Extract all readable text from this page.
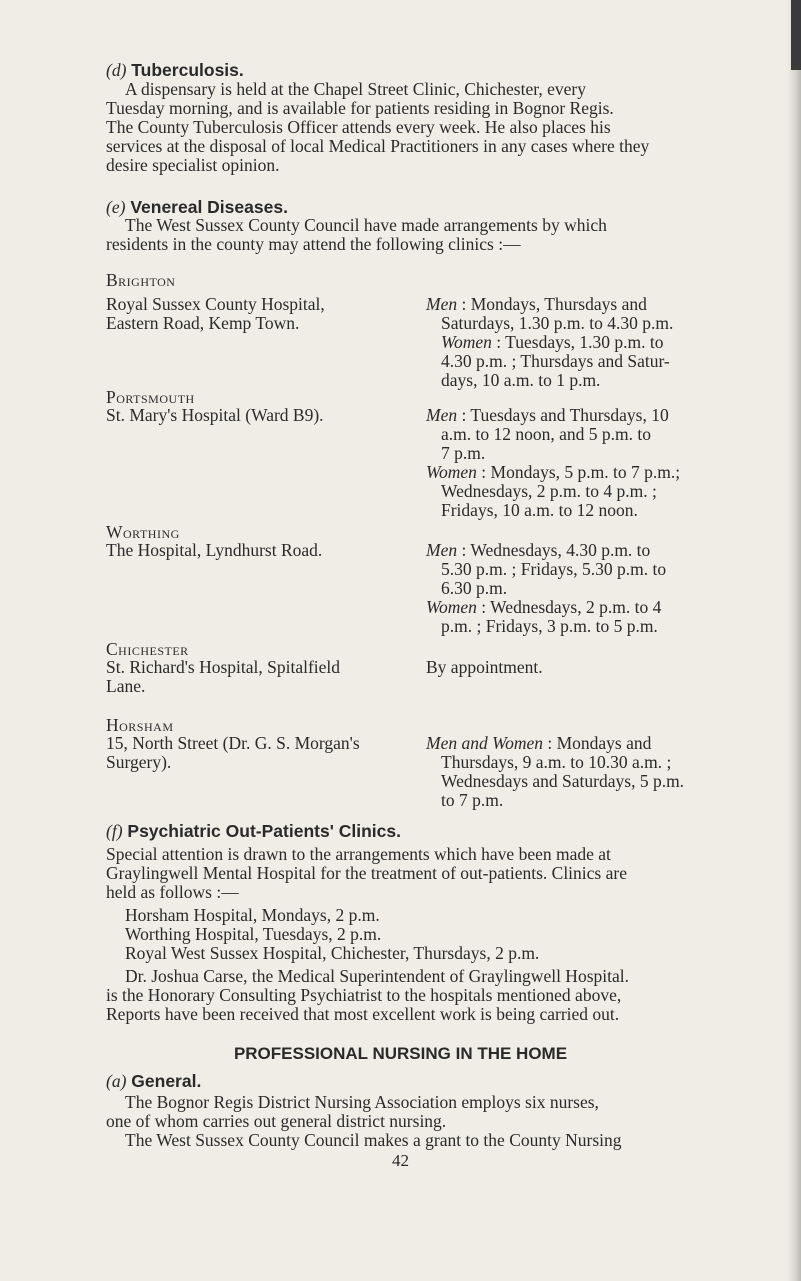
(d) Tuberculosis.
A dispensary is held at the Chapel Street Clinic, Chichester, every
Tuesday morning, and is available for patients residing in Bognor Regis.
The County Tuberculosis Officer attends every week. He also places his
services at the disposal of local Medical Practitioners in any cases where they
desire specialist opinion.
(e) Venereal Diseases.
The West Sussex County Council have made arrangements by which
residents in the county may attend the following clinics :—
Brighton
Royal Sussex County Hospital,
Eastern Road, Kemp Town.
Men : Mondays, Thursdays and
Saturdays, 1.30 p.m. to 4.30 p.m.
Women : Tuesdays, 1.30 p.m. to
4.30 p.m. ; Thursdays and Satur-
days, 10 a.m. to 1 p.m.
Portsmouth
St. Mary's Hospital (Ward B9).	Men : Tuesdays and Thursdays, 10
a.m. to 12 noon, and 5 p.m. to
7 p.m.
Women : Mondays, 5 p.m. to 7 p.m.;
Wednesdays, 2 p.m. to 4 p.m. ;
Fridays, 10 a.m. to 12 noon.
Worthing
The Hospital, Lyndhurst Road.	Men : Wednesdays, 4.30 p.m. to
5.30 p.m. ; Fridays, 5.30 p.m. to
6.30 p.m.
Women : Wednesdays, 2 p.m. to 4
p.m. ; Fridays, 3 p.m. to 5 p.m.
Chichester
St. Richard's Hospital, Spitalfield
Lane.
By appointment.
Horsham
15, North Street (Dr. G. S. Morgan's
Surgery).
Men and Women : Mondays and
Thursdays, 9 a.m. to 10.30 a.m. ;
Wednesdays and Saturdays, 5 p.m.
to 7 p.m.
(f) Psychiatric Out-Patients' Clinics.
Special attention is drawn to the arrangements which have been made at
Graylingwell Mental Hospital for the treatment of out-patients. Clinics are
held as follows :—
Horsham Hospital, Mondays, 2 p.m.
Worthing Hospital, Tuesdays, 2 p.m.
Royal West Sussex Hospital, Chichester, Thursdays, 2 p.m.
Dr. Joshua Carse, the Medical Superintendent of Graylingwell Hospital.
is the Honorary Consulting Psychiatrist to the hospitals mentioned above,
Reports have been received that most excellent work is being carried out.
PROFESSIONAL NURSING IN THE HOME
(a) General.
The Bognor Regis District Nursing Association employs six nurses,
one of whom carries out general district nursing.
The West Sussex County Council makes a grant to the County Nursing
42
